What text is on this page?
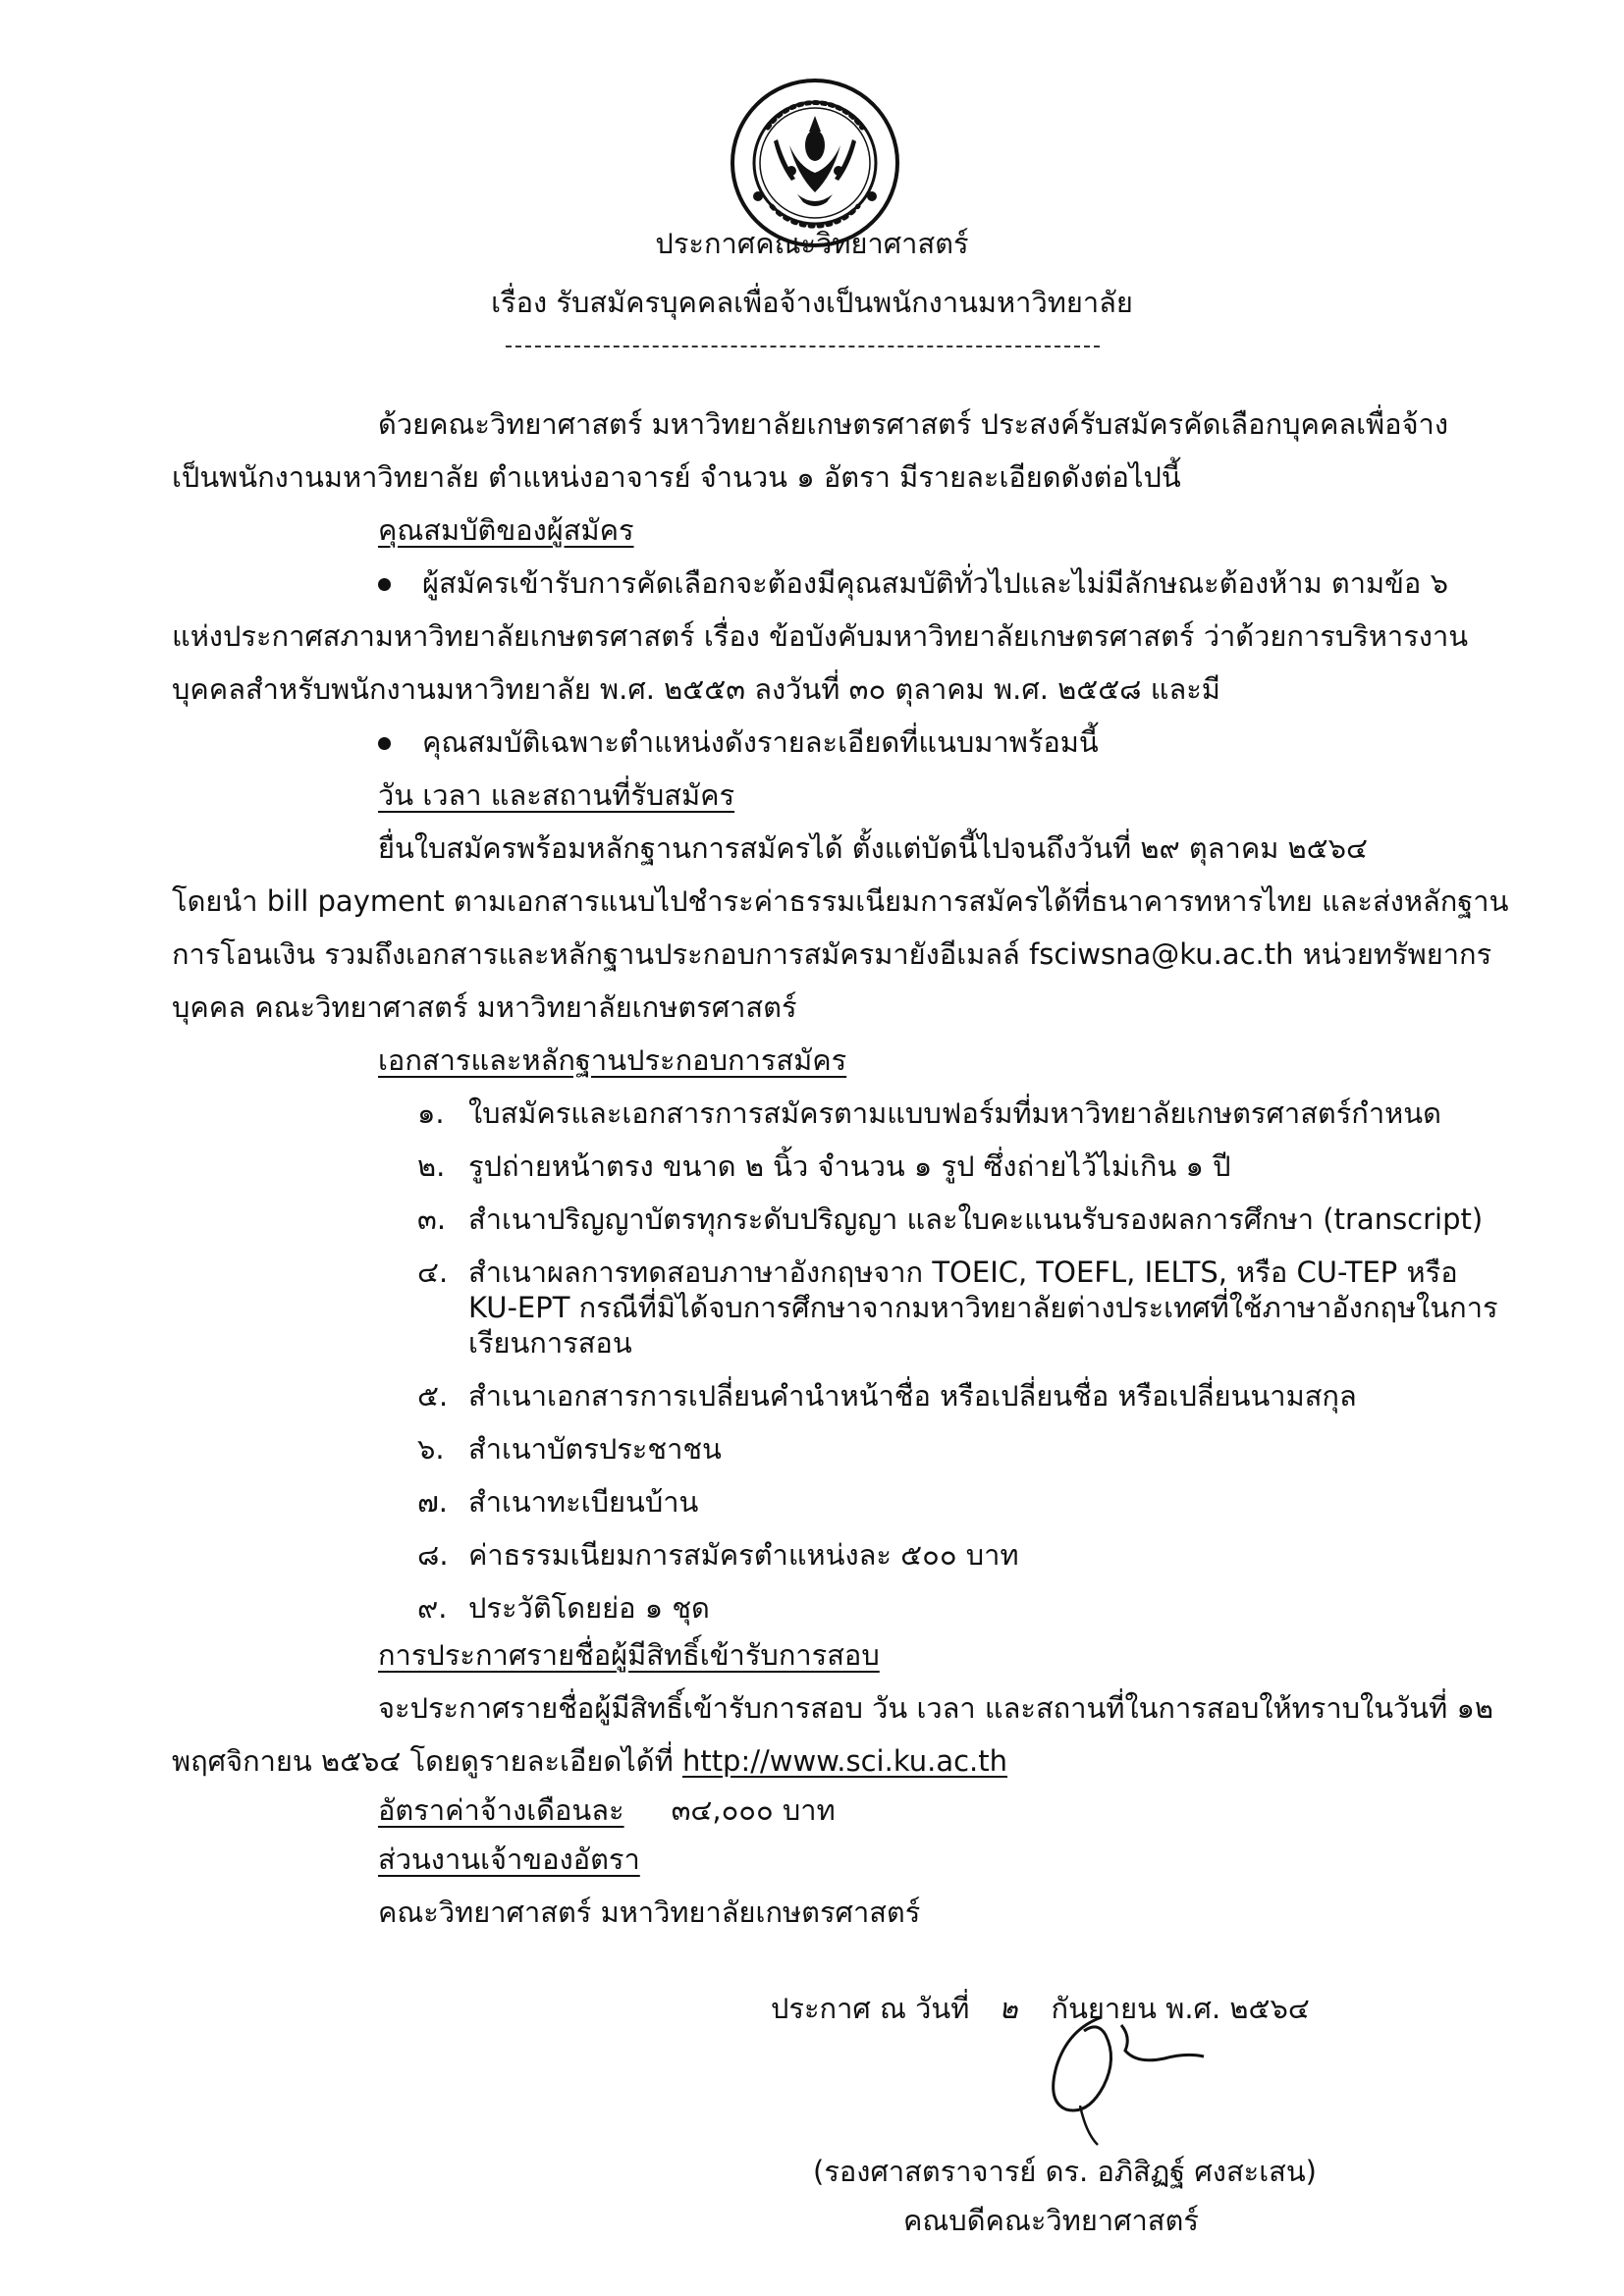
ประกาศคณะวิทยาศาสตร์
เรื่อง รับสมัครบุคคลเพื่อจ้างเป็นพนักงานมหาวิทยาลัย
ด้วยคณะวิทยาศาสตร์ มหาวิทยาลัยเกษตรศาสตร์ ประสงค์รับสมัครคัดเลือกบุคคลเพื่อจ้าง
เป็นพนักงานมหาวิทยาลัย ตำแหน่งอาจารย์ จำนวน ๑ อัตรา มีรายละเอียดดังต่อไปนี้
คุณสมบัติของผู้สมัคร
ผู้สมัครเข้ารับการคัดเลือกจะต้องมีคุณสมบัติทั่วไปและไม่มีลักษณะต้องห้าม ตามข้อ ๖
แห่งประกาศสภามหาวิทยาลัยเกษตรศาสตร์ เรื่อง ข้อบังคับมหาวิทยาลัยเกษตรศาสตร์ ว่าด้วยการบริหารงาน
บุคคลสำหรับพนักงานมหาวิทยาลัย พ.ศ. ๒๕๕๓ ลงวันที่ ๓๐ ตุลาคม พ.ศ. ๒๕๕๘ และมี
คุณสมบัติเฉพาะตำแหน่งดังรายละเอียดที่แนบมาพร้อมนี้
วัน เวลา และสถานที่รับสมัคร
ยื่นใบสมัครพร้อมหลักฐานการสมัครได้ ตั้งแต่บัดนี้ไปจนถึงวันที่ ๒๙ ตุลาคม ๒๕๖๔
โดยนำ bill payment ตามเอกสารแนบไปชำระค่าธรรมเนียมการสมัครได้ที่ธนาคารทหารไทย และส่งหลักฐาน
การโอนเงิน รวมถึงเอกสารและหลักฐานประกอบการสมัครมายังอีเมลล์ fsciwsna@ku.ac.th หน่วยทรัพยากร
บุคคล คณะวิทยาศาสตร์ มหาวิทยาลัยเกษตรศาสตร์
เอกสารและหลักฐานประกอบการสมัคร
๑. ใบสมัครและเอกสารการสมัครตามแบบฟอร์มที่มหาวิทยาลัยเกษตรศาสตร์กำหนด
๒. รูปถ่ายหน้าตรง ขนาด ๒ นิ้ว จำนวน ๑ รูป ซึ่งถ่ายไว้ไม่เกิน ๑ ปี
๓. สำเนาปริญญาบัตรทุกระดับปริญญา และใบคะแนนรับรองผลการศึกษา (transcript)
๔. สำเนาผลการทดสอบภาษาอังกฤษจาก TOEIC, TOEFL, IELTS, หรือ CU-TEP หรือ
KU-EPT กรณีที่มิได้จบการศึกษาจากมหาวิทยาลัยต่างประเทศที่ใช้ภาษาอังกฤษในการ
เรียนการสอน
๕. สำเนาเอกสารการเปลี่ยนคำนำหน้าชื่อ หรือเปลี่ยนชื่อ หรือเปลี่ยนนามสกุล
๖. สำเนาบัตรประชาชน
๗. สำเนาทะเบียนบ้าน
๘. ค่าธรรมเนียมการสมัครตำแหน่งละ ๕๐๐ บาท
๙. ประวัติโดยย่อ ๑ ชุด
การประกาศรายชื่อผู้มีสิทธิ์เข้ารับการสอบ
จะประกาศรายชื่อผู้มีสิทธิ์เข้ารับการสอบ วัน เวลา และสถานที่ในการสอบให้ทราบในวันที่ ๑๒
พฤศจิกายน ๒๕๖๔ โดยดูรายละเอียดได้ที่ http://www.sci.ku.ac.th
อัตราค่าจ้างเดือนละ ๓๔,๐๐๐ บาท
ส่วนงานเจ้าของอัตรา
คณะวิทยาศาสตร์ มหาวิทยาลัยเกษตรศาสตร์
ประกาศ ณ วันที่ ๒ กันยายน พ.ศ. ๒๕๖๔
(รองศาสตราจารย์ ดร. อภิสิฏฐ์ ศงสะเสน)
คณบดีคณะวิทยาศาสตร์
